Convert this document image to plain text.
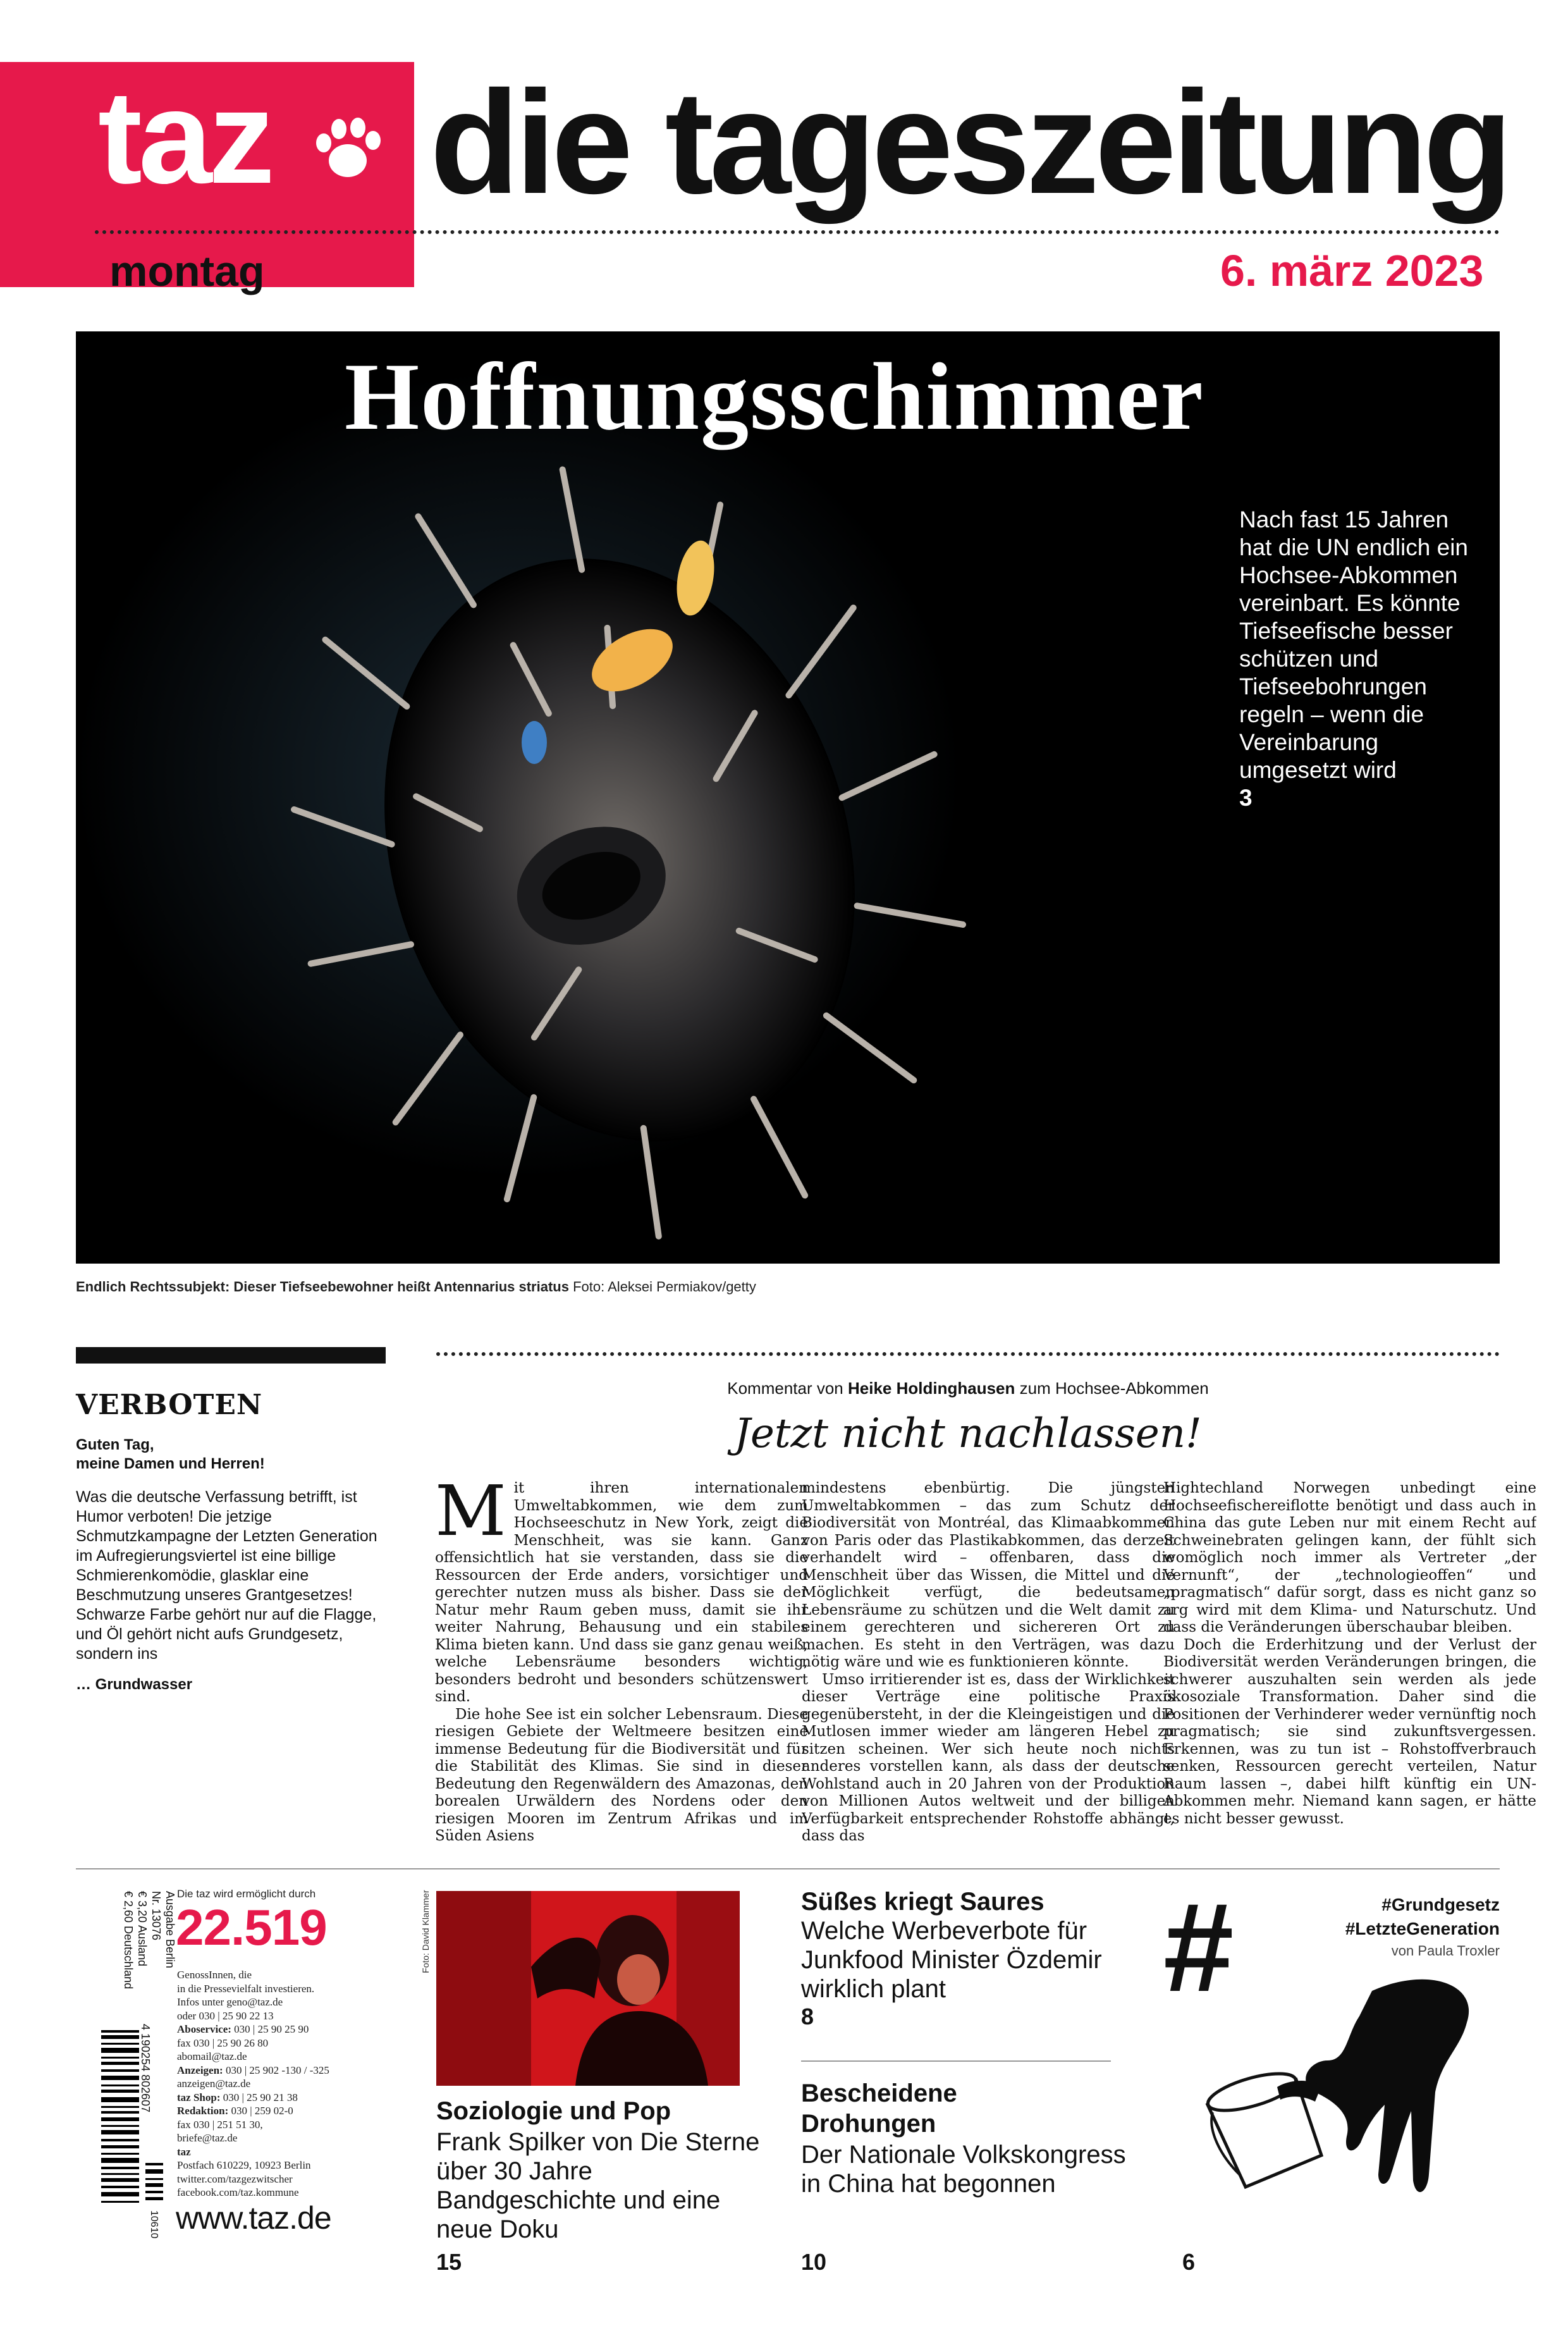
taz die tageszeitung
montag	6. märz 2023
Hoffnungsschimmer
Nach fast 15 Jahren hat die UN endlich ein Hochsee-Abkommen vereinbart. Es könnte Tiefseefische besser schützen und Tiefseebohrungen regeln – wenn die Vereinbarung umgesetzt wird
3
Endlich Rechtssubjekt: Dieser Tiefseebewohner heißt Antennarius striatus Foto: Aleksei Permiakov/getty
VERBOTEN
Guten Tag,
meine Damen und Herren!
Was die deutsche Verfassung betrifft, ist Humor verboten! Die jetzige Schmutzkampagne der Letzten Generation im Aufregierungsviertel ist eine billige Schmierenkomödie, glasklar eine Beschmutzung unseres Grantgesetzes! Schwarze Farbe gehört nur auf die Flagge, und Öl gehört nicht aufs Grundgesetz, sondern ins
… Grundwasser
Kommentar von Heike Holdinghausen zum Hochsee-Abkommen
Jetzt nicht nachlassen!

Mit ihren internationalen Umweltabkommen, wie dem zum Hochseeschutz in New York, zeigt die Menschheit, was sie kann. Ganz offensichtlich hat sie verstanden, dass sie die Ressourcen der Erde anders, vorsichtiger und gerechter nutzen muss als bisher. Dass sie der Natur mehr Raum geben muss, damit sie ihr weiter Nahrung, Behausung und ein stabiles Klima bieten kann. Und dass sie ganz genau weiß, welche Lebensräume besonders wichtig, besonders bedroht und besonders schützenswert sind.

Die hohe See ist ein solcher Lebensraum. Diese riesigen Gebiete der Weltmeere besitzen eine immense Bedeutung für die Biodiversität und für die Stabilität des Klimas. Sie sind in dieser Bedeutung den Regenwäldern des Amazonas, den borealen Urwäldern des Nordens oder den riesigen Mooren im Zentrum Afrikas und im Süden Asiens

mindestens ebenbürtig. Die jüngsten Umweltabkommen – das zum Schutz der Biodiversität von Montréal, das Klimaabkommen von Paris oder das Plastikabkommen, das derzeit verhandelt wird – offenbaren, dass die Menschheit über das Wissen, die Mittel und die Möglichkeit verfügt, die bedeutsamen Lebensräume zu schützen und die Welt damit zu einem gerechteren und sichereren Ort zu machen. Es steht in den Verträgen, was dazu nötig wäre und wie es funktionieren könnte.

Umso irritierender ist es, dass der Wirklichkeit dieser Verträge eine politische Praxis gegenübersteht, in der die Kleingeistigen und die Mutlosen immer wieder am längeren Hebel zu sitzen scheinen. Wer sich heute noch nichts anderes vorstellen kann, als dass der deutsche Wohlstand auch in 20 Jahren von der Produktion von Millionen Autos weltweit und der billigen Verfügbarkeit entsprechender Rohstoffe abhängt, dass das

Hightechland Norwegen unbedingt eine Hochseefischereiflotte benötigt und dass auch in China das gute Leben nur mit einem Recht auf Schweinebraten gelingen kann, der fühlt sich womöglich noch immer als Vertreter „der Vernunft“, der „technologieoffen“ und „pragmatisch“ dafür sorgt, dass es nicht ganz so arg wird mit dem Klima- und Naturschutz. Und dass die Veränderungen überschaubar bleiben.

Doch die Erderhitzung und der Verlust der Biodiversität werden Veränderungen bringen, die schwerer auszuhalten sein werden als jede ökosoziale Transformation. Daher sind die Positionen der Verhinderer weder vernünftig noch pragmatisch; sie sind zukunftsvergessen. Erkennen, was zu tun ist – Rohstoffverbrauch senken, Ressourcen gerecht verteilen, Natur Raum lassen –, dabei hilft künftig ein UN-Abkommen mehr. Niemand kann sagen, er hätte es nicht besser gewusst.

Ausgabe Berlin
Nr. 13076
€ 3,20 Ausland
€ 2,60 Deutschland
4 190254 802607
10610
Die taz wird ermöglicht durch
22.519
GenossInnen, die
in die Pressevielfalt investieren.
Infos unter geno@taz.de
oder 030 | 25 90 22 13
Aboservice: 030 | 25 90 25 90
fax 030 | 25 90 26 80
abomail@taz.de
Anzeigen: 030 | 25 902 -130 / -325
anzeigen@taz.de
taz Shop: 030 | 25 90 21 38
Redaktion: 030 | 259 02-0
fax 030 | 251 51 30,
briefe@taz.de
taz
Postfach 610229, 10923 Berlin
twitter.com/tazgezwitscher
facebook.com/taz.kommune
www.taz.de
Foto: David Klammer
Soziologie und Pop
Frank Spilker von Die Sterne über 30 Jahre Bandgeschichte und eine neue Doku
15
Süßes kriegt Saures
Welche Werbeverbote für Junkfood Minister Özdemir wirklich plant
8
Bescheidene Drohungen
Der Nationale Volkskongress in China hat begonnen
10
#	#Grundgesetz
#LetzteGeneration
von Paula Troxler
6
